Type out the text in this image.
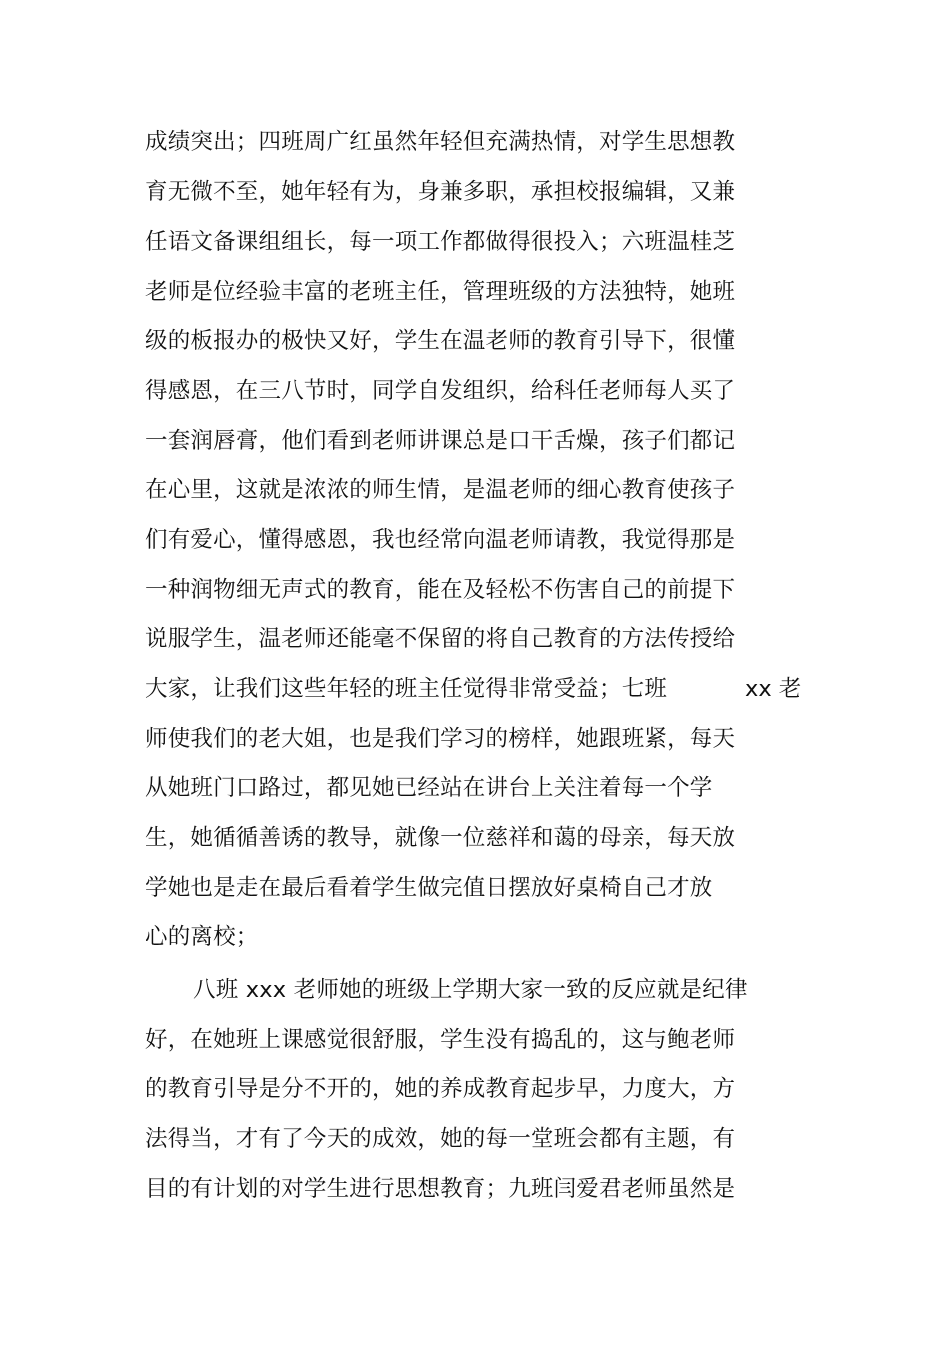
成绩突出；四班周广红虽然年轻但充满热情，对学生思想教
育无微不至，她年轻有为，身兼多职，承担校报编辑，又兼
任语文备课组组长，每一项工作都做得很投入；六班温桂芝
老师是位经验丰富的老班主任，管理班级的方法独特，她班
级的板报办的极快又好，学生在温老师的教育引导下，很懂
得感恩，在三八节时，同学自发组织，给科任老师每人买了
一套润唇膏，他们看到老师讲课总是口干舌燥，孩子们都记
在心里，这就是浓浓的师生情，是温老师的细心教育使孩子
们有爱心，懂得感恩，我也经常向温老师请教，我觉得那是
一种润物细无声式的教育，能在及轻松不伤害自己的前提下
说服学生，温老师还能毫不保留的将自己教育的方法传授给
大家，让我们这些年轻的班主任觉得非常受益；七班	xx 老
师使我们的老大姐，也是我们学习的榜样，她跟班紧，每天
从她班门口路过，都见她已经站在讲台上关注着每一个学
生，她循循善诱的教导，就像一位慈祥和蔼的母亲，每天放
学她也是走在最后看着学生做完值日摆放好桌椅自己才放
心的离校；
八班 xxx 老师她的班级上学期大家一致的反应就是纪律
好，在她班上课感觉很舒服，学生没有捣乱的，这与鲍老师
的教育引导是分不开的，她的养成教育起步早，力度大，方
法得当，才有了今天的成效，她的每一堂班会都有主题，有
目的有计划的对学生进行思想教育；九班闫爱君老师虽然是
